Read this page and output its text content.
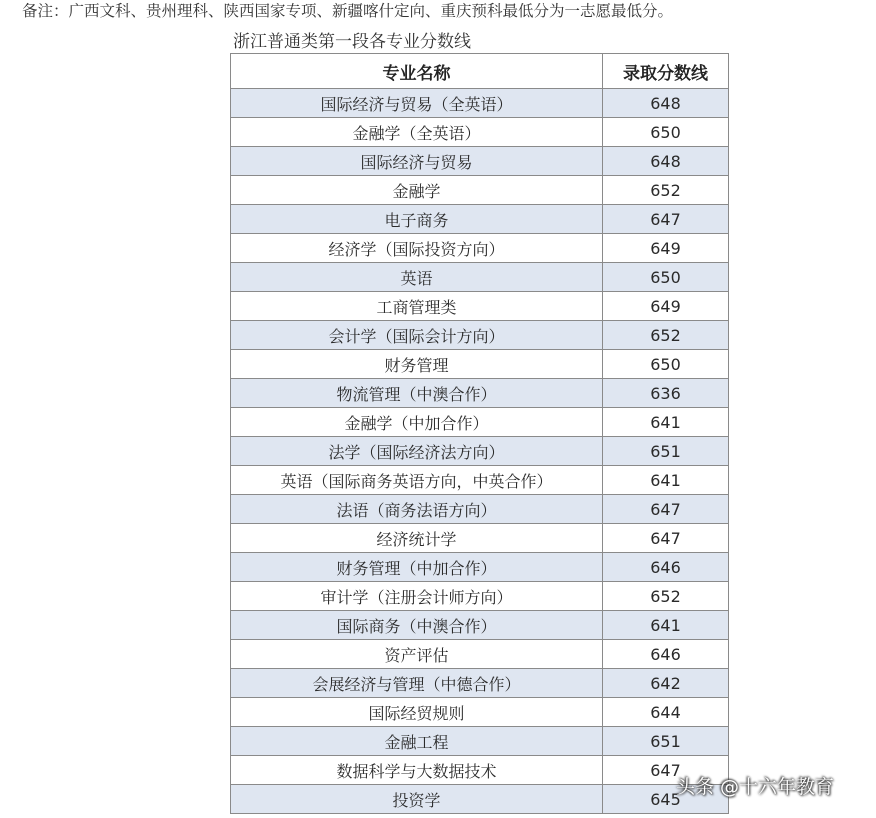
备注：广西文科、贵州理科、陕西国家专项、新疆喀什定向、重庆预科最低分为一志愿最低分。
浙江普通类第一段各专业分数线
专业名称	录取分数线
国际经济与贸易（全英语）	648
金融学（全英语）	650
国际经济与贸易	648
金融学	652
电子商务	647
经济学（国际投资方向）	649
英语	650
工商管理类	649
会计学（国际会计方向）	652
财务管理	650
物流管理（中澳合作）	636
金融学（中加合作）	641
法学（国际经济法方向）	651
英语（国际商务英语方向，中英合作）	641
法语（商务法语方向）	647
经济统计学	647
财务管理（中加合作）	646
审计学（注册会计师方向）	652
国际商务（中澳合作）	641
资产评估	646
会展经济与管理（中德合作）	642
国际经贸规则	644
金融工程	651
数据科学与大数据技术	647
投资学	645
头条 @十六年教育
